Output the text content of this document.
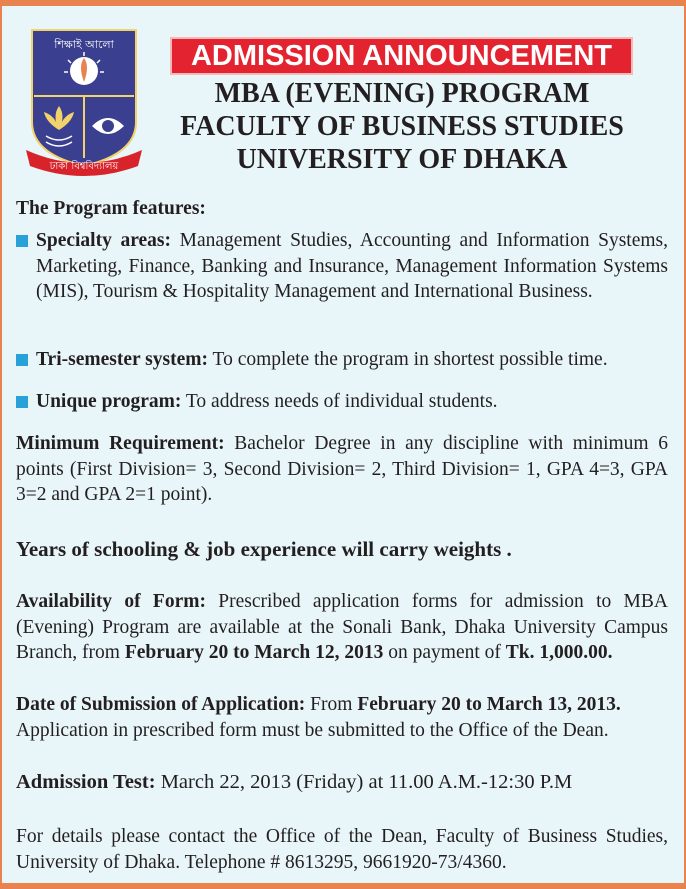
শিক্ষাই আলো
ঢাকা বিশ্ববিদ্যালয়
ADMISSION ANNOUNCEMENT
MBA (EVENING) PROGRAM
FACULTY OF BUSINESS STUDIES
UNIVERSITY OF DHAKA
The Program features:
Specialty areas: Management Studies, Accounting and Information Systems, Marketing, Finance, Banking and Insurance, Management Information Systems (MIS), Tourism & Hospitality Management and International Business.
Tri-semester system: To complete the program in shortest possible time.
Unique program: To address needs of individual students.
Minimum Requirement: Bachelor Degree in any discipline with minimum 6 points (First Division= 3, Second Division= 2, Third Division= 1, GPA 4=3, GPA 3=2 and GPA 2=1 point).
Years of schooling & job experience will carry weights .
Availability of Form: Prescribed application forms for admission to MBA (Evening) Program are available at the Sonali Bank, Dhaka University Campus Branch, from February 20 to March 12, 2013 on payment of Tk. 1,000.00.
Date of Submission of Application: From February 20 to March 13, 2013. Application in prescribed form must be submitted to the Office of the Dean.
Admission Test: March 22, 2013 (Friday) at 11.00 A.M.-12:30 P.M
For details please contact the Office of the Dean, Faculty of Business Studies, University of Dhaka. Telephone # 8613295, 9661920-73/4360.
